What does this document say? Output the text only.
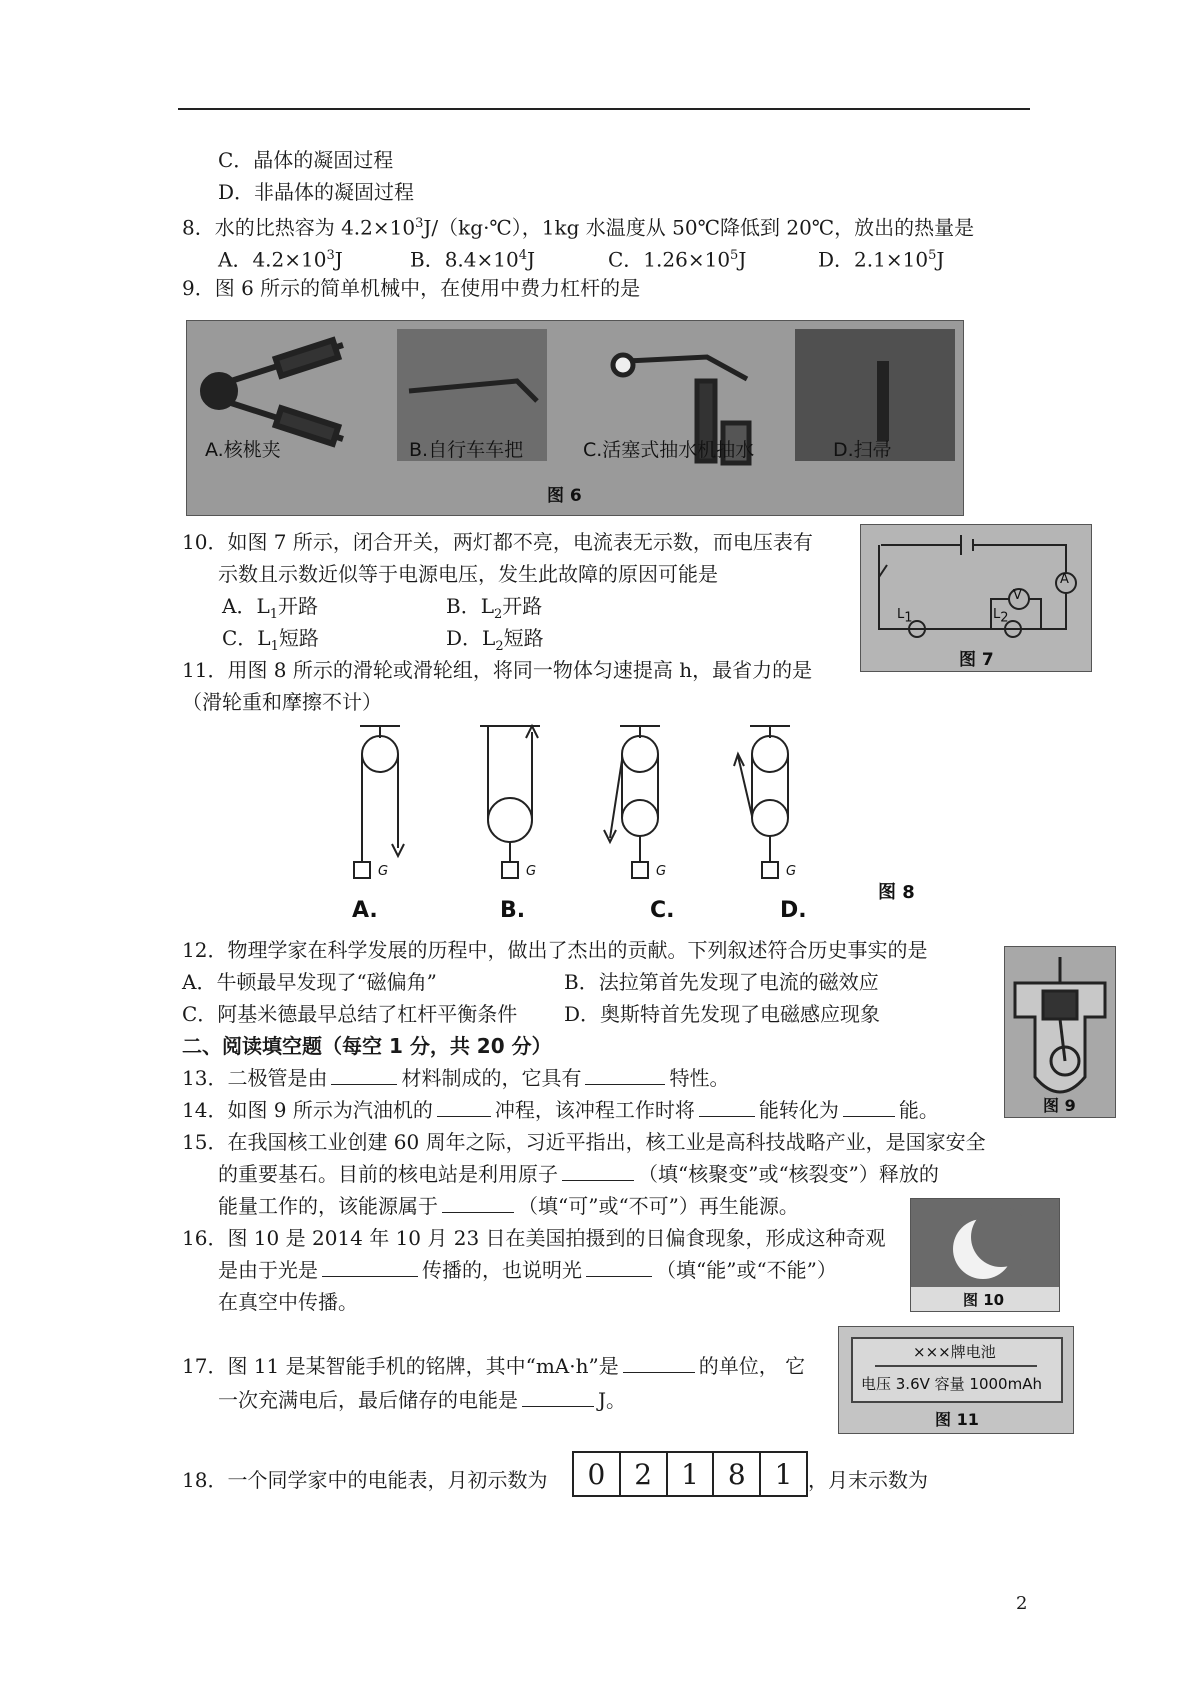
C．晶体的凝固过程
D．非晶体的凝固过程
8．水的比热容为 $4.2\times 10^3J/(kg\cdot℃)$，1kg 水温度从 50℃降低到 20℃，放出的热量是
A．$4.2\times 10^3J$	B．$8.4\times 10^4J$	C．$1.26\times 10^5J$	D．$2.1\times 10^5J$
9．图 6 所示的简单机械中，在使用中费力杠杆的是
A.核桃夹	B.自行车车把	C.活塞式抽水机抽水	D.扫帚
图 6
10．如图 7 所示，闭合开关，两灯都不亮，电流表无示数，而电压表有
示数且示数近似等于电源电压，发生此故障的原因可能是
A．$L_1$开路	B．$L_2$开路
C．$L_1$短路	D．$L_2$短路
V
A
L1	L2
图 7
11．用图 8 所示的滑轮或滑轮组，将同一物体匀速提高 h，最省力的是
（滑轮重和摩擦不计）
G	G	G	G
A.	B.	C.	D.
图 8
12．物理学家在科学发展的历程中，做出了杰出的贡献。下列叙述符合历史事实的是
A．牛顿最早发现了“磁偏角”	B．法拉第首先发现了电流的磁效应
C．阿基米德最早总结了杠杆平衡条件 D．奥斯特首先发现了电磁感应现象
图 9
二、阅读填空题（每空 1 分，共 20 分）
13．二极管是由	材料制成的，它具有	特性。
14．如图 9 所示为汽油机的	冲程，该冲程工作时将	能转化为	能。
15．在我国核工业创建 60 周年之际，习近平指出，核工业是高科技战略产业，是国家安全
的重要基石。目前的核电站是利用原子	（填“核聚变”或“核裂变”）释放的
能量工作的，该能源属于	（填“可”或“不可”）再生能源。
16．图 10 是 2014 年 10 月 23 日在美国拍摄到的日偏食现象，形成这种奇观
是由于光是	传播的，也说明光	（填“能”或“不能”）
在真空中传播。	图 10
17．图 11 是某智能手机的铭牌，其中“mA·h”是	的单位， 它
一次充满电后，最后储存的电能是	J。
×××牌电池
电压 3.6V 容量 1000mAh
图 11
18．一个同学家中的电能表，月初示数为	0	2	1	8	1 ，月末示数为
2
